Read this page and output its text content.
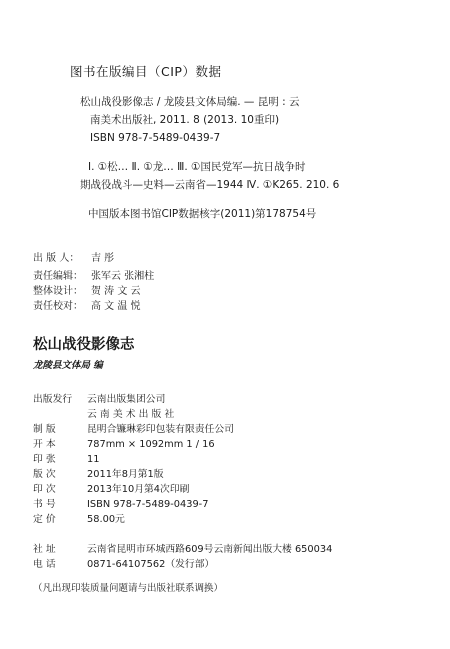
图书在版编目（CIP）数据
松山战役影像志 / 龙陵县文体局编. — 昆明 : 云
南美术出版社, 2011. 8 (2013. 10重印)
ISBN 978-7-5489-0439-7
Ⅰ. ①松… Ⅱ. ①龙… Ⅲ. ①国民党军—抗日战争时
期战役战斗—史料—云南省—1944 Ⅳ. ①K265. 210. 6
中国版本图书馆CIP数据核字(2011)第178754号
出 版 人： 吉 彤
责任编辑： 张军云 张湘柱
整体设计： 贺 涛 文 云
责任校对： 高 文 温 悦
松山战役影像志
龙陵县文体局 编
出版发行 云南出版集团公司
云 南 美 术 出 版 社
制 版	昆明合镰琳彩印包装有限责任公司
开 本	787mm × 1092mm 1 / 16
印 张	11
版 次	2011年8月第1版
印 次	2013年10月第4次印刷
书 号	ISBN 978-7-5489-0439-7
定 价	58.00元
社 址	云南省昆明市环城西路609号云南新闻出版大楼 650034
电 话	0871-64107562（发行部）
（凡出现印装质量问题请与出版社联系调换）
